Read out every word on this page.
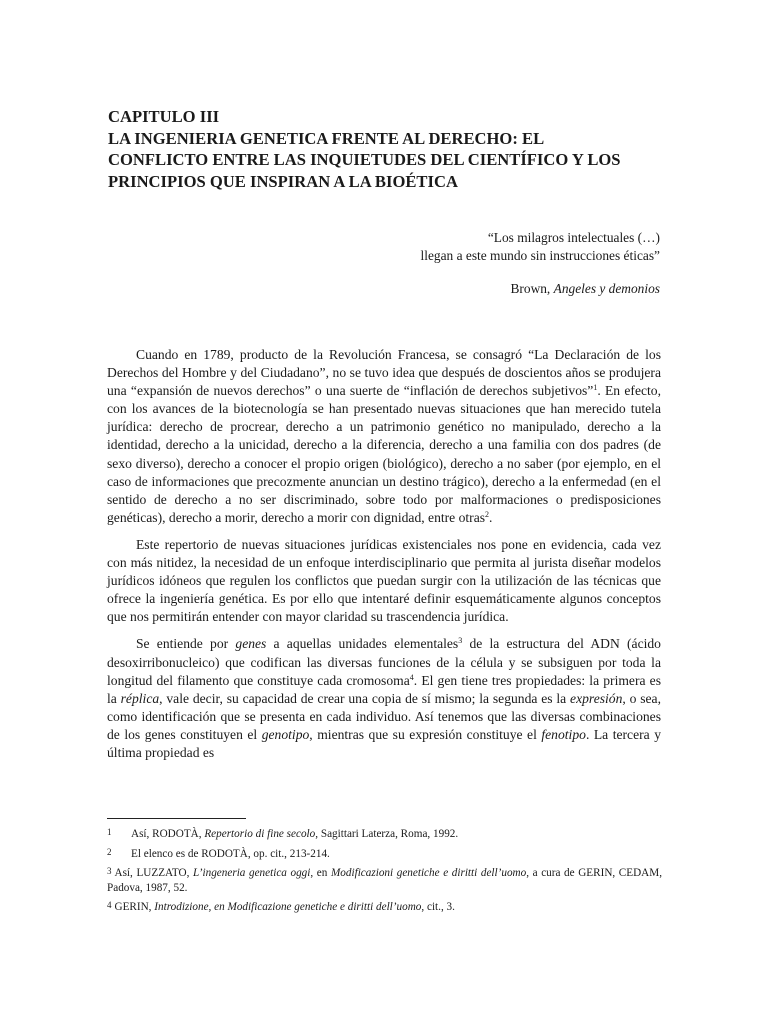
CAPITULO III
LA INGENIERIA GENETICA FRENTE AL DERECHO: EL
CONFLICTO ENTRE LAS INQUIETUDES DEL CIENTÍFICO Y LOS
PRINCIPIOS QUE INSPIRAN A LA BIOÉTICA
“Los milagros intelectuales (…)
llegan a este mundo sin instrucciones éticas”
Brown, Angeles y demonios

Cuando en 1789, producto de la Revolución Francesa, se consagró “La Declaración de los Derechos del Hombre y del Ciudadano”, no se tuvo idea que después de doscientos años se produjera una “expansión de nuevos derechos” o una suerte de “inflación de derechos subjetivos”$^1$. En efecto, con los avances de la biotecnología se han presentado nuevas situaciones que han merecido tutela jurídica: derecho de procrear, derecho a un patrimonio genético no manipulado, derecho a la identidad, derecho a la unicidad, derecho a la diferencia, derecho a una familia con dos padres (de sexo diverso), derecho a conocer el propio origen (biológico), derecho a no saber (por ejemplo, en el caso de informaciones que precozmente anuncian un destino trágico), derecho a la enfermedad (en el sentido de derecho a no ser discriminado, sobre todo por malformaciones o predisposiciones genéticas), derecho a morir, derecho a morir con dignidad, entre otras$^2$.

Este repertorio de nuevas situaciones jurídicas existenciales nos pone en evidencia, cada vez con más nitidez, la necesidad de un enfoque interdisciplinario que permita al jurista diseñar modelos jurídicos idóneos que regulen los conflictos que puedan surgir con la utilización de las técnicas que ofrece la ingeniería genética. Es por ello que intentaré definir esquemáticamente algunos conceptos que nos permitirán entender con mayor claridad su trascendencia jurídica.

Se entiende por genes a aquellas unidades elementales$^3$ de la estructura del ADN (ácido desoxirribonucleico) que codifican las diversas funciones de la célula y se subsiguen por toda la longitud del filamento que constituye cada cromosoma$^4$. El gen tiene tres propiedades: la primera es la réplica, vale decir, su capacidad de crear una copia de sí mismo; la segunda es la expresión, o sea, como identificación que se presenta en cada individuo. Así tenemos que las diversas combinaciones de los genes constituyen el genotipo, mientras que su expresión constituye el fenotipo. La tercera y última propiedad es

1 Así, RODOTÀ, Repertorio di fine secolo, Sagittari Laterza, Roma, 1992.
2 El elenco es de RODOTÀ, op. cit., 213-214.
3 Así, LUZZATO, L’ingeneria genetica oggi, en Modificazioni genetiche e diritti dell’uomo, a cura de GERIN, CEDAM, Padova, 1987, 52.
4 GERIN, Introdizione, en Modificazione genetiche e diritti dell’uomo, cit., 3.
